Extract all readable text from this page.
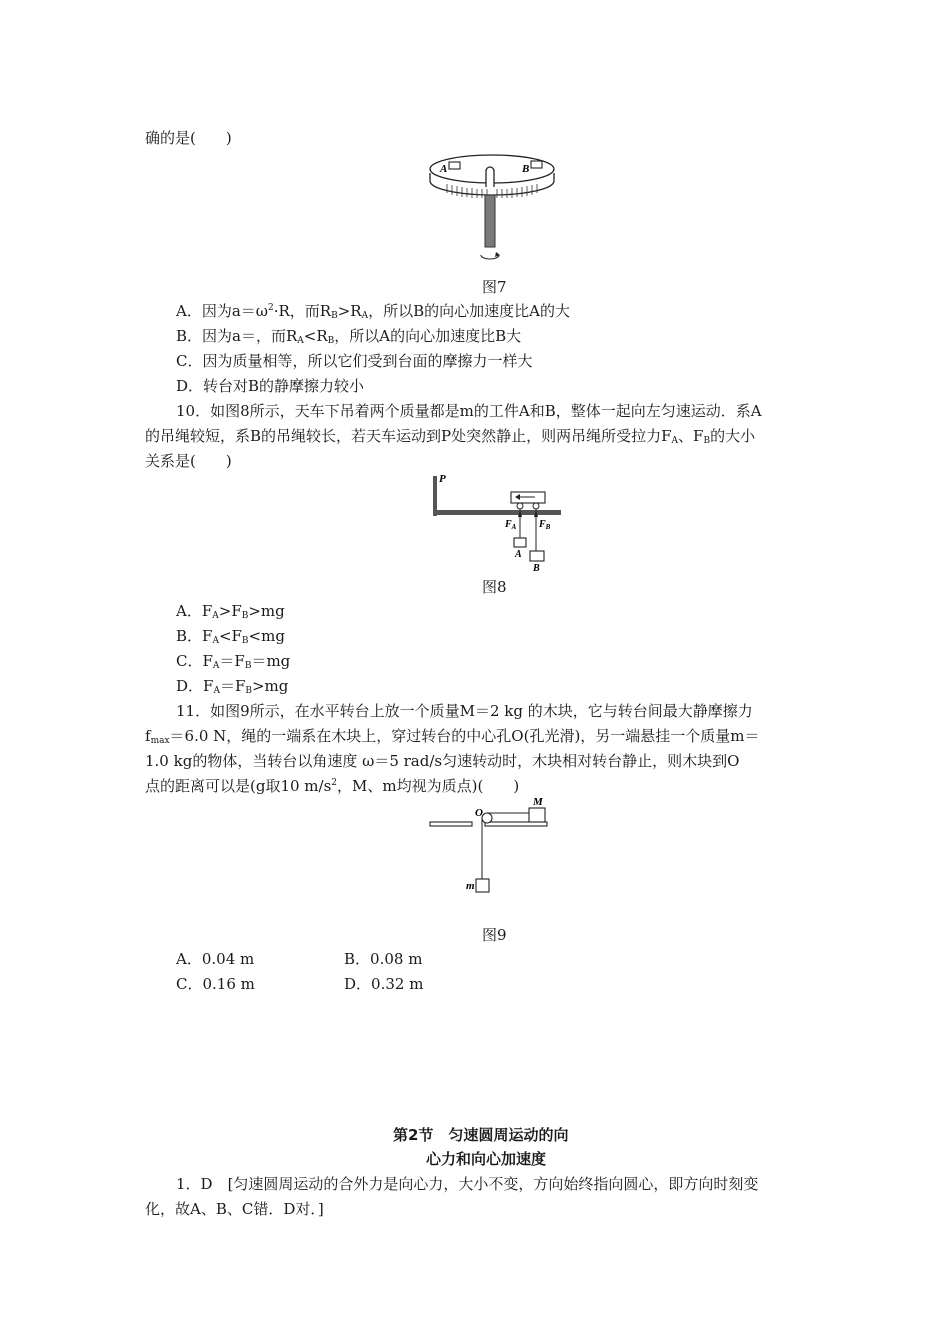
确的是(　　)
A	B
图7
A．因为$a=\omega^2\cdot R$，而$R_B>R_A$，所以B的向心加速度比A的大
B．因为a＝，而$R_A<R_B$，所以A的向心加速度比B大
C．因为质量相等，所以它们受到台面的摩擦力一样大
D．转台对B的静摩擦力较小
10．如图8所示，天车下吊着两个质量都是m的工件A和B，整体一起向左匀速运动．系A
的吊绳较短，系B的吊绳较长，若天车运动到P处突然静止，则两吊绳所受拉力$F_A$、$F_B$的大小
关系是(　　)
P
$F_A$ $F_B$
A
B
图8
A．$F_A>F_B>mg$
B．$F_A<F_B<mg$
C．$F_A=F_B=mg$
D．$F_A=F_B>mg$
11．如图9所示，在水平转台上放一个质量M＝2 kg 的木块，它与转台间最大静摩擦力
$f_{max}=6.0$ N，绳的一端系在木块上，穿过转台的中心孔O(孔光滑)，另一端悬挂一个质量m＝
1.0 kg的物体，当转台以角速度 ω＝5 rad/s匀速转动时，木块相对转台静止，则木块到O
点的距离可以是(g取10 $m/s^2$，M、m均视为质点)(　　)
O
M
m
图9
A．0.04 m	B．0.08 m
C．0.16 m	D．0.32 m
第2节　匀速圆周运动的向
心力和向心加速度
1．D　[匀速圆周运动的合外力是向心力，大小不变，方向始终指向圆心，即方向时刻变
化，故A、B、C错．D对．]
